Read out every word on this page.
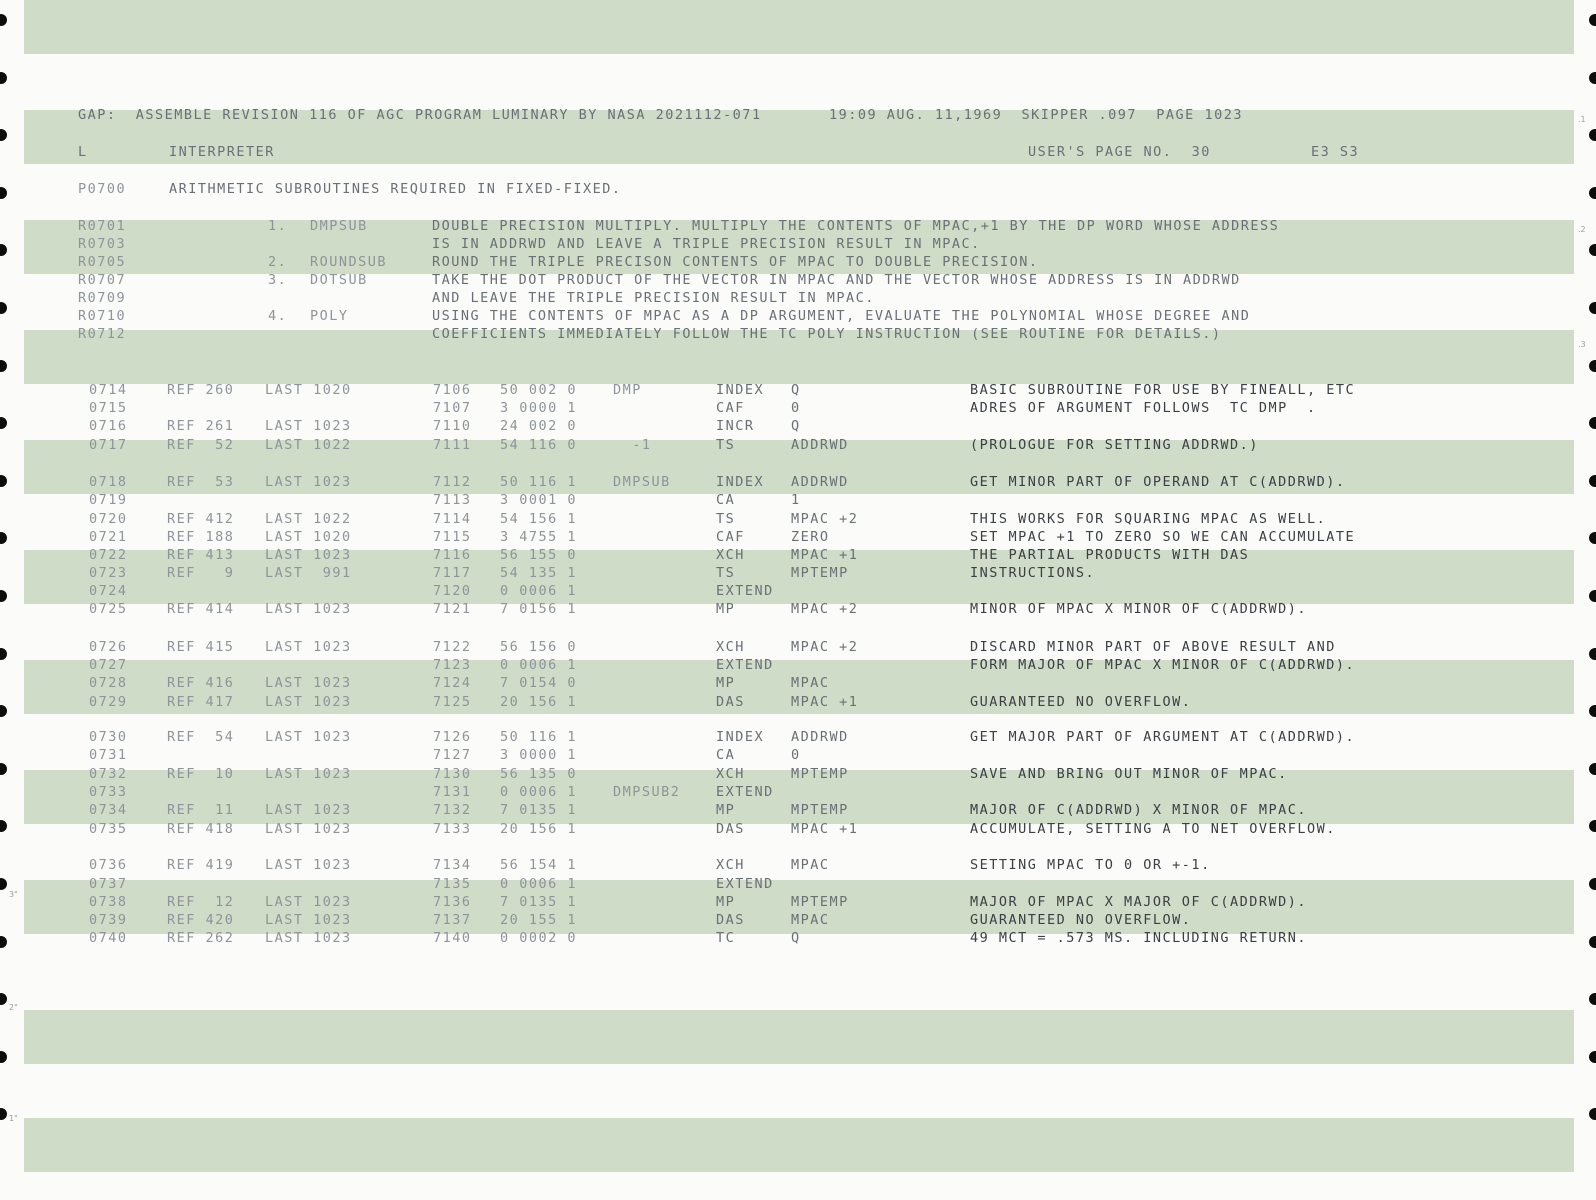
.1
.2
.3
3"
2"
1"
GAP:  ASSEMBLE REVISION 116 OF AGC PROGRAM LUMINARY BY NASA 2021112-071       19:09 AUG. 11,1969  SKIPPER .097  PAGE 1023
L	INTERPRETER	USER'S PAGE NO.  30	E3 S3
P0700	ARITHMETIC SUBROUTINES REQUIRED IN FIXED-FIXED.
R0701	1. DMPSUB	DOUBLE PRECISION MULTIPLY. MULTIPLY THE CONTENTS OF MPAC,+1 BY THE DP WORD WHOSE ADDRESS
R0703	IS IN ADDRWD AND LEAVE A TRIPLE PRECISION RESULT IN MPAC.
R0705	2. ROUNDSUB	ROUND THE TRIPLE PRECISON CONTENTS OF MPAC TO DOUBLE PRECISION.
R0707	3. DOTSUB	TAKE THE DOT PRODUCT OF THE VECTOR IN MPAC AND THE VECTOR WHOSE ADDRESS IS IN ADDRWD
R0709	AND LEAVE THE TRIPLE PRECISION RESULT IN MPAC.
R0710	4. POLY	USING THE CONTENTS OF MPAC AS A DP ARGUMENT, EVALUATE THE POLYNOMIAL WHOSE DEGREE AND
R0712	COEFFICIENTS IMMEDIATELY FOLLOW THE TC POLY INSTRUCTION (SEE ROUTINE FOR DETAILS.)
0714	REF 260 LAST 1020	7106 50 002 0	DMP	INDEX Q	BASIC SUBROUTINE FOR USE BY FINEALL, ETC
0715	7107 3 0000 1	CAF	0	ADRES OF ARGUMENT FOLLOWS  TC DMP  .
0716	REF 261 LAST 1023	7110 24 002 0	INCR	Q
0717	REF  52 LAST 1022	7111 54 116 0	-1	TS	ADDRWD	(PROLOGUE FOR SETTING ADDRWD.)
0718	REF  53 LAST 1023	7112 50 116 1	DMPSUB	INDEX ADDRWD	GET MINOR PART OF OPERAND AT C(ADDRWD).
0719	7113 3 0001 0	CA	1
0720	REF 412 LAST 1022	7114 54 156 1	TS	MPAC +2	THIS WORKS FOR SQUARING MPAC AS WELL.
0721	REF 188 LAST 1020	7115 3 4755 1	CAF	ZERO	SET MPAC +1 TO ZERO SO WE CAN ACCUMULATE
0722	REF 413 LAST 1023	7116 56 155 0	XCH	MPAC +1	THE PARTIAL PRODUCTS WITH DAS
0723	REF   9 LAST  991	7117 54 135 1	TS	MPTEMP	INSTRUCTIONS.
0724	7120 0 0006 1	EXTEND
0725	REF 414 LAST 1023	7121 7 0156 1	MP	MPAC +2	MINOR OF MPAC X MINOR OF C(ADDRWD).
0726	REF 415 LAST 1023	7122 56 156 0	XCH	MPAC +2	DISCARD MINOR PART OF ABOVE RESULT AND
0727	7123 0 0006 1	EXTEND	FORM MAJOR OF MPAC X MINOR OF C(ADDRWD).
0728	REF 416 LAST 1023	7124 7 0154 0	MP	MPAC
0729	REF 417 LAST 1023	7125 20 156 1	DAS	MPAC +1	GUARANTEED NO OVERFLOW.
0730	REF  54 LAST 1023	7126 50 116 1	INDEX ADDRWD	GET MAJOR PART OF ARGUMENT AT C(ADDRWD).
0731	7127 3 0000 1	CA	0
0732	REF  10 LAST 1023	7130 56 135 0	XCH	MPTEMP	SAVE AND BRING OUT MINOR OF MPAC.
0733	7131 0 0006 1	DMPSUB2	EXTEND
0734	REF  11 LAST 1023	7132 7 0135 1	MP	MPTEMP	MAJOR OF C(ADDRWD) X MINOR OF MPAC.
0735	REF 418 LAST 1023	7133 20 156 1	DAS	MPAC +1	ACCUMULATE, SETTING A TO NET OVERFLOW.
0736	REF 419 LAST 1023	7134 56 154 1	XCH	MPAC	SETTING MPAC TO 0 OR +-1.
0737	7135 0 0006 1	EXTEND
0738	REF  12 LAST 1023	7136 7 0135 1	MP	MPTEMP	MAJOR OF MPAC X MAJOR OF C(ADDRWD).
0739	REF 420 LAST 1023	7137 20 155 1	DAS	MPAC	GUARANTEED NO OVERFLOW.
0740	REF 262 LAST 1023	7140 0 0002 0	TC	Q	49 MCT = .573 MS. INCLUDING RETURN.
